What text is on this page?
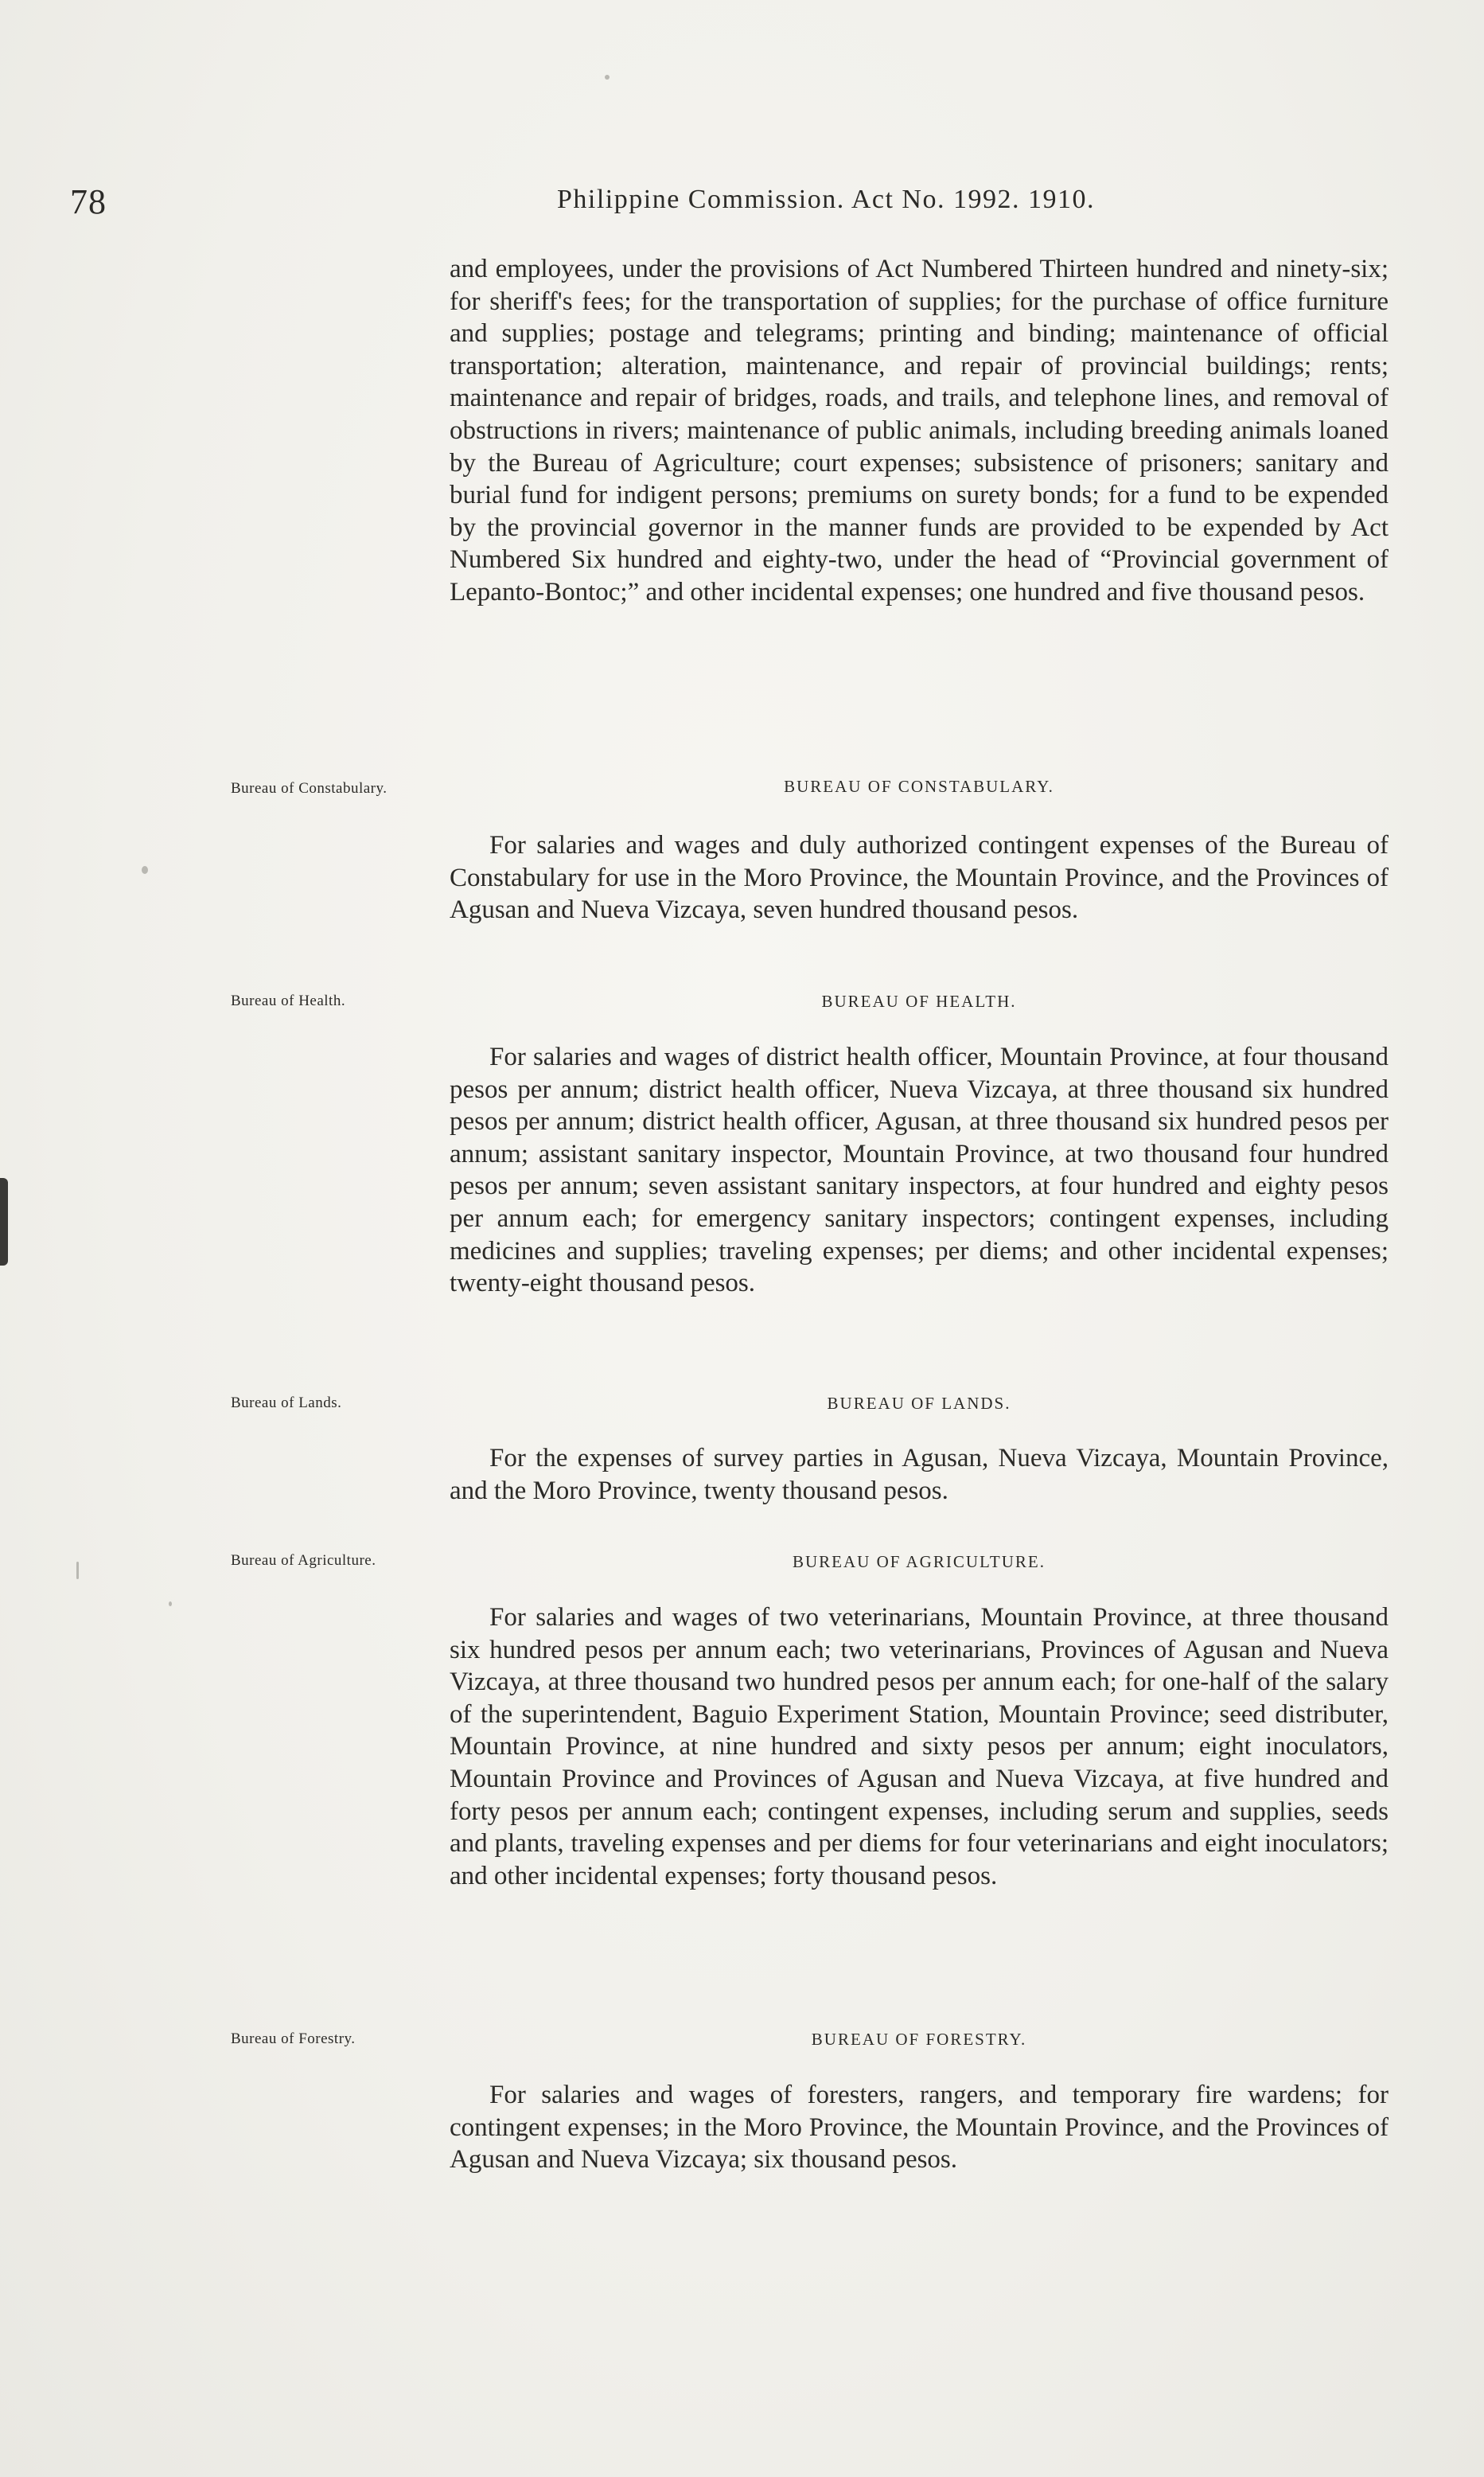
78	Philippine Commission. Act No. 1992. 1910.

and employees, under the provisions of Act Numbered Thirteen hundred and ninety-six; for sheriff's fees; for the transportation of supplies; for the purchase of office furniture and supplies; postage and telegrams; printing and binding; maintenance of official transportation; alteration, maintenance, and repair of provincial buildings; rents; maintenance and repair of bridges, roads, and trails, and telephone lines, and removal of obstructions in rivers; maintenance of public animals, including breeding animals loaned by the Bureau of Agriculture; court expenses; subsistence of prisoners; sanitary and burial fund for indigent persons; premiums on surety bonds; for a fund to be expended by the provincial governor in the manner funds are provided to be expended by Act Numbered Six hundred and eighty-two, under the head of “Provincial government of Lepanto-Bontoc;” and other incidental expenses; one hundred and five thousand pesos.

Bureau of Constabulary.	BUREAU OF CONSTABULARY.

For salaries and wages and duly authorized contingent expenses of the Bureau of Constabulary for use in the Moro Province, the Mountain Province, and the Provinces of Agusan and Nueva Vizcaya, seven hundred thousand pesos.

Bureau of Health.	BUREAU OF HEALTH.

For salaries and wages of district health officer, Mountain Province, at four thousand pesos per annum; district health officer, Nueva Vizcaya, at three thousand six hundred pesos per annum; district health officer, Agusan, at three thousand six hundred pesos per annum; assistant sanitary inspector, Mountain Province, at two thousand four hundred pesos per annum; seven assistant sanitary inspectors, at four hundred and eighty pesos per annum each; for emergency sanitary inspectors; contingent expenses, including medicines and supplies; traveling expenses; per diems; and other incidental expenses; twenty-eight thousand pesos.

Bureau of Lands.	BUREAU OF LANDS.

For the expenses of survey parties in Agusan, Nueva Vizcaya, Mountain Province, and the Moro Province, twenty thousand pesos.

Bureau of Agriculture.	BUREAU OF AGRICULTURE.

For salaries and wages of two veterinarians, Mountain Province, at three thousand six hundred pesos per annum each; two veterinarians, Provinces of Agusan and Nueva Vizcaya, at three thousand two hundred pesos per annum each; for one-half of the salary of the superintendent, Baguio Experiment Station, Mountain Province; seed distributer, Mountain Province, at nine hundred and sixty pesos per annum; eight inoculators, Mountain Province and Provinces of Agusan and Nueva Vizcaya, at five hundred and forty pesos per annum each; contingent expenses, including serum and supplies, seeds and plants, traveling expenses and per diems for four veterinarians and eight inoculators; and other incidental expenses; forty thousand pesos.

Bureau of Forestry.	BUREAU OF FORESTRY.

For salaries and wages of foresters, rangers, and temporary fire wardens; for contingent expenses; in the Moro Province, the Mountain Province, and the Provinces of Agusan and Nueva Vizcaya; six thousand pesos.
